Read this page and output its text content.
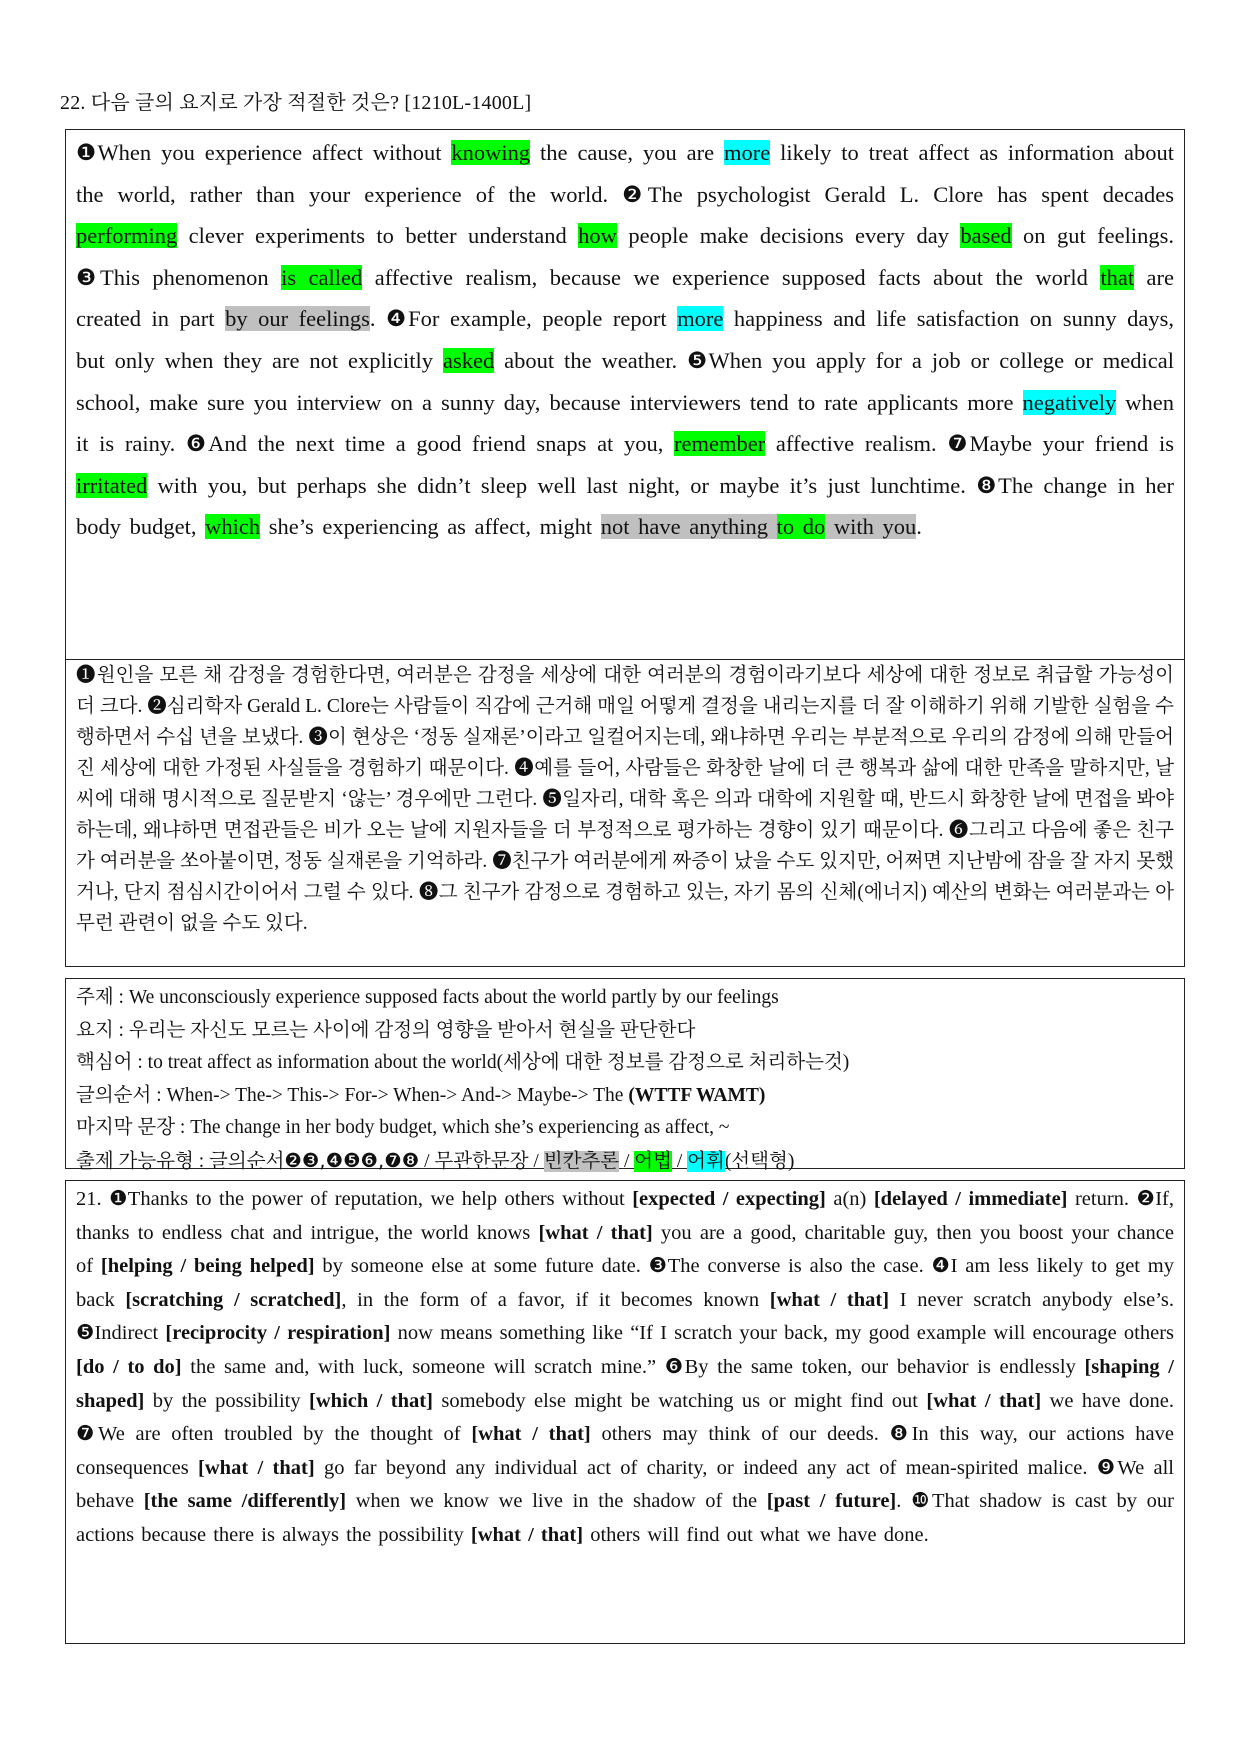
22. 다음 글의 요지로 가장 적절한 것은? [1210L-1400L]

❶When you experience affect without knowing the cause, you are more likely to treat affect as information about the world, rather than your experience of the world. ❷The psychologist Gerald L. Clore has spent decades performing clever experiments to better understand how people make decisions every day based on gut feelings. ❸This phenomenon is called affective realism, because we experience supposed facts about the world that are created in part by our feelings. ❹For example, people report more happiness and life satisfaction on sunny days, but only when they are not explicitly asked about the weather. ❺When you apply for a job or college or medical school, make sure you interview on a sunny day, because interviewers tend to rate applicants more negatively when it is rainy. ❻And the next time a good friend snaps at you, remember affective realism. ❼Maybe your friend is irritated with you, but perhaps she didn’t sleep well last night, or maybe it’s just lunchtime. ❽The change in her body budget, which she’s experiencing as affect, might not have anything to do with you.

❶원인을 모른 채 감정을 경험한다면, 여러분은 감정을 세상에 대한 여러분의 경험이라기보다 세상에 대한 정보로 취급할 가능성이 더 크다. ❷심리학자 Gerald L. Clore는 사람들이 직감에 근거해 매일 어떻게 결정을 내리는지를 더 잘 이해하기 위해 기발한 실험을 수행하면서 수십 년을 보냈다. ❸이 현상은 ‘정동 실재론’이라고 일컬어지는데, 왜냐하면 우리는 부분적으로 우리의 감정에 의해 만들어진 세상에 대한 가정된 사실들을 경험하기 때문이다. ❹예를 들어, 사람들은 화창한 날에 더 큰 행복과 삶에 대한 만족을 말하지만, 날씨에 대해 명시적으로 질문받지 ‘않는’ 경우에만 그런다. ❺일자리, 대학 혹은 의과 대학에 지원할 때, 반드시 화창한 날에 면접을 봐야 하는데, 왜냐하면 면접관들은 비가 오는 날에 지원자들을 더 부정적으로 평가하는 경향이 있기 때문이다. ❻그리고 다음에 좋은 친구가 여러분을 쏘아붙이면, 정동 실재론을 기억하라. ❼친구가 여러분에게 짜증이 났을 수도 있지만, 어쩌면 지난밤에 잠을 잘 자지 못했거나, 단지 점심시간이어서 그럴 수 있다. ❽그 친구가 감정으로 경험하고 있는, 자기 몸의 신체(에너지) 예산의 변화는 여러분과는 아무런 관련이 없을 수도 있다.

주제 : We unconsciously experience supposed facts about the world partly by our feelings
요지 : 우리는 자신도 모르는 사이에 감정의 영향을 받아서 현실을 판단한다
핵심어 : to treat affect as information about the world(세상에 대한 정보를 감정으로 처리하는것)
글의순서 : When-> The-> This-> For-> When-> And-> Maybe-> The (WTTF WAMT)
마지막 문장 : The change in her body budget, which she’s experiencing as affect, ~
출제 가능유형 : 글의순서❷❸,❹❺❻,❼❽ / 무관한문장 / 빈칸추론 / 어법 / 어휘(선택형)

21. ❶Thanks to the power of reputation, we help others without [expected / expecting] a(n) [delayed / immediate] return. ❷If, thanks to endless chat and intrigue, the world knows [what / that] you are a good, charitable guy, then you boost your chance of [helping / being helped] by someone else at some future date. ❸The converse is also the case. ❹I am less likely to get my back [scratching / scratched], in the form of a favor, if it becomes known [what / that] I never scratch anybody else’s. ❺Indirect [reciprocity / respiration] now means something like “If I scratch your back, my good example will encourage others [do / to do] the same and, with luck, someone will scratch mine.” ❻By the same token, our behavior is endlessly [shaping / shaped] by the possibility [which / that] somebody else might be watching us or might find out [what / that] we have done. ❼We are often troubled by the thought of [what / that] others may think of our deeds. ❽In this way, our actions have consequences [what / that] go far beyond any individual act of charity, or indeed any act of mean-spirited malice. ❾We all behave [the same /differently] when we know we live in the shadow of the [past / future]. ❿That shadow is cast by our actions because there is always the possibility [what / that] others will find out what we have done.
